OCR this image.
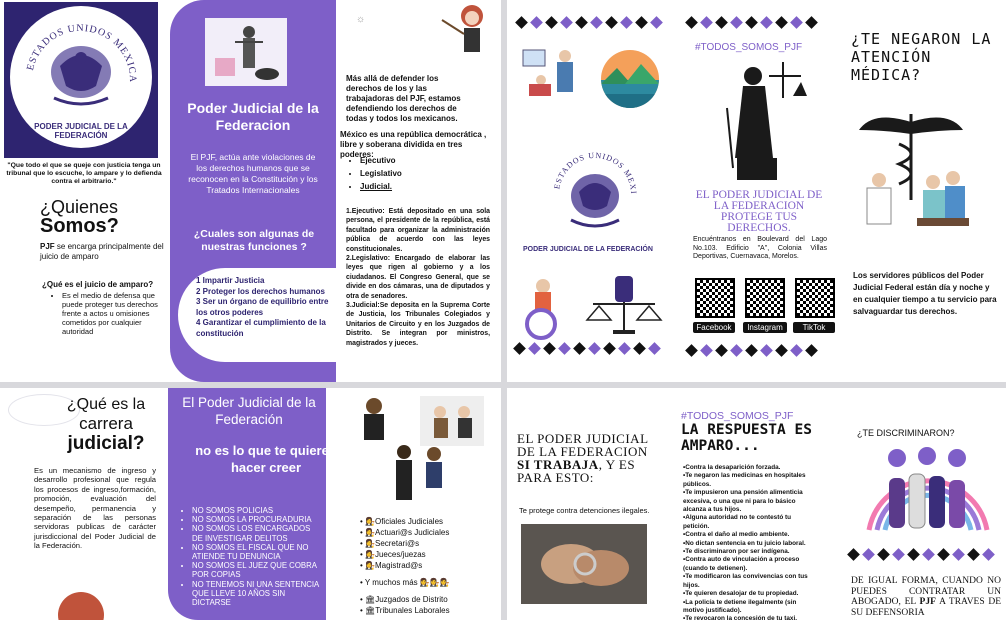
ESTADOS UNIDOS MEXICA
PODER JUDICIAL DE LA FEDERACIÓN
"Que todo el que se queje con justicia tenga un tribunal que lo escuche, lo ampare y lo defienda contra el arbitrario."
¿Quienes
Somos?
PJF se encarga principalmente del juicio de amparo
¿Qué es el juicio de amparo?
• Es el medio de defensa que puede proteger tus derechos frente a actos u omisiones cometidos por cualquier autoridad
Poder Judicial de la Federacion
El PJF, actúa ante violaciones de los derechos humanos que se reconocen en la Constitución y los Tratados Internacionales
¿Cuales son algunas de nuestras funciones ?
1 Impartir Justicia
2 Proteger los derechos humanos
3 Ser un órgano de equilibrio entre los otros poderes
4 Garantizar el cumplimiento de la constitución
☼
Más allá de defender los derechos de los y las trabajadoras del PJF, estamos defendiendo los derechos de todas y todos los mexicanos.
México es una república democrática , libre y soberana dividida en tres poderes:
• Ejecutivo
• Legislativo
• Judicial.
1.Ejecutivo: Está depositado en una sola persona, el presidente de la república, está facultado para organizar la administración pública de acuerdo con las leyes constitucionales.
2.Legislativo: Encargado de elaborar las leyes que rigen al gobierno y a los ciudadanos. El Congreso General, que se divide en dos cámaras, una de diputados y otra de senadores.
3.Judicial:Se deposita en la Suprema Corte de Justicia, los Tribunales Colegiados y Unitarios de Circuito y en los Juzgados de Distrito. Se integran por ministros, magistrados y jueces.
ESTADOS UNIDOS MEXI
PODER JUDICIAL DE LA FEDERACIÓN
#TODOS_SOMOS_PJF
EL PODER JUDICIAL DE LA FEDERACION PROTEGE TUS DERECHOS.
Encuéntranos en Boulevard del Lago No.103. Edificio "A", Colonia Villas Deportivas, Cuernavaca, Morelos.
Facebook	Instagram	TikTok
¿TE NEGARON LA ATENCIÓN MÉDICA?
Los servidores públicos del Poder Judicial Federal están día y noche y en cualquier tiempo a tu servicio para salvaguardar tus derechos.
¿Qué es la
carrera
judicial?
Es un mecanismo de ingreso y desarrollo profesional que regula los procesos de ingreso,formación, promoción, evaluación del desempeño, permanencia y separación de las personas servidoras publicas de carácter jurisdiccional del Poder Judicial de la Federación.
El Poder Judicial de la Federación
no es lo que te quieren hacer creer
• NO SOMOS POLICIAS
• NO SOMOS LA PROCURADURIA
• NO SOMOS LOS ENCARGADOS DE INVESTIGAR DELITOS
• NO SOMOS EL FISCAL QUE NO ATIENDE TU DENUNCIA
• NO SOMOS EL JUEZ QUE COBRA POR COPIAS
• NO TENEMOS NI UNA SENTENCIA QUE LLEVE 10 AÑOS SIN DICTARSE
• 👩‍⚖️Oficiales Judiciales
• 👩‍⚖️Actuari@s Judiciales
• 👩‍⚖️Secretari@s
• 👩‍⚖️Jueces/juezas
• 👩‍⚖️Magistrad@s
• Y muchos más 👩‍⚖️👩‍⚖️👩‍⚖️
• 🏛Juzgados de Distrito
• 🏛Tribunales Laborales
EL PODER JUDICIAL DE LA FEDERACION SI TRABAJA, Y ES PARA ESTO:
Te protege contra detenciones ilegales.
#TODOS_SOMOS_PJF
LA RESPUESTA ES AMPARO...
•Contra la desaparición forzada.
•Te negaron las medicinas en hospitales públicos.
•Te impusieron una pensión alimenticia excesiva, o una que ni para lo básico alcanza a tus hijos.
•Alguna autoridad no te contestó tu petición.
•Contra el daño al medio ambiente.
•No dictan sentencia en tu juicio laboral.
•Te discriminaron por ser indígena.
•Contra auto de vinculación a proceso (cuando te detienen).
•Te modificaron las convivencias con tus hijos.
•Te quieren desalojar de tu propiedad.
•La policía te detiene ilegalmente (sin motivo justificado).
•Te revocaron la concesión de tu taxi.
¿TE DISCRIMINARON?
DE IGUAL FORMA, CUANDO NO PUEDES CONTRATAR UN ABOGADO, EL PJF A TRAVES DE SU DEFENSORIA
